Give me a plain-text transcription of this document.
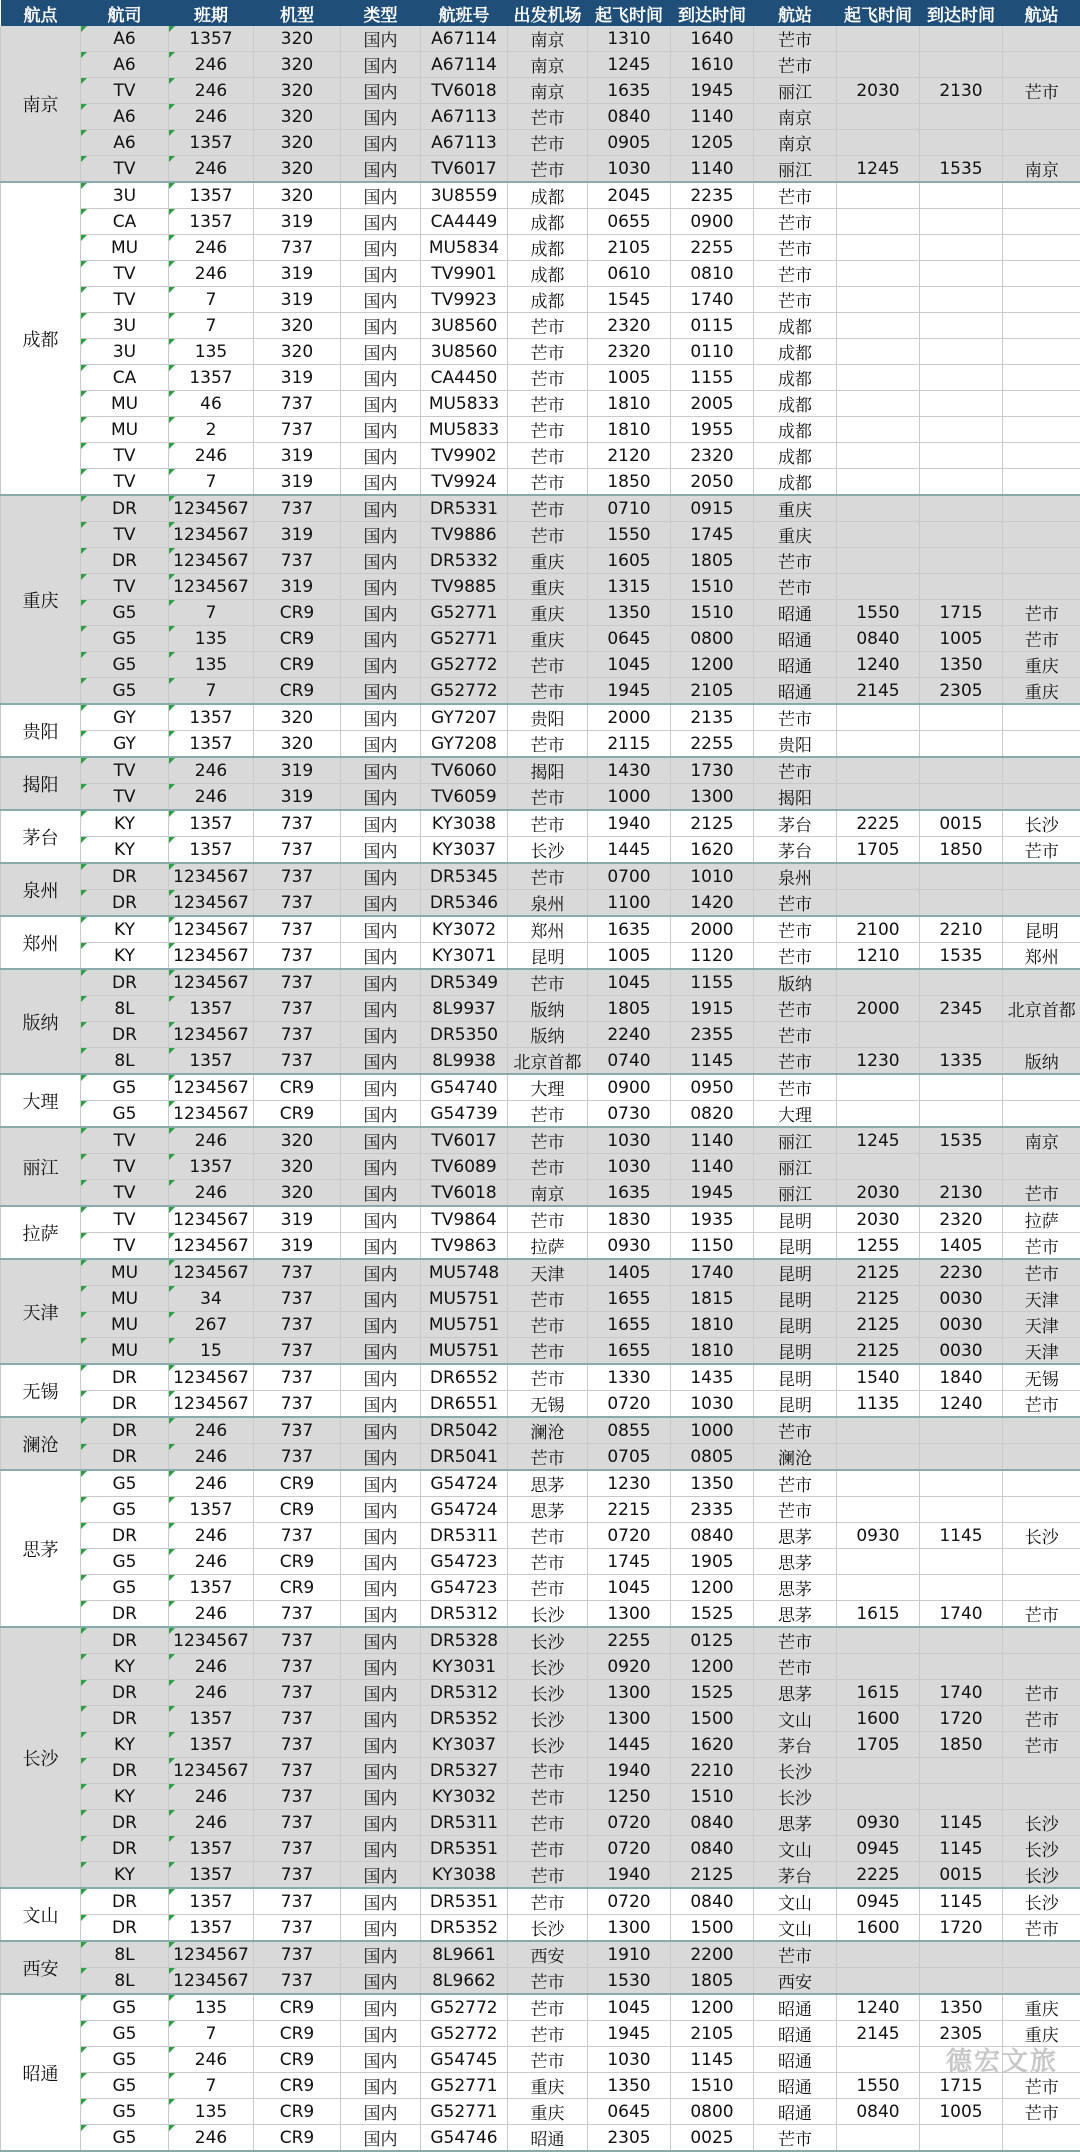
航点	航司	班期	机型	类型	航班号	出发机场	起飞时间	到达时间	航站	起飞时间	到达时间	航站
南京	A6	1357	320	国内	A67114	南京	1310	1640	芒市			
	A6	246	320	国内	A67114	南京	1245	1610	芒市			
	TV	246	320	国内	TV6018	南京	1635	1945	丽江	2030	2130	芒市
	A6	246	320	国内	A67113	芒市	0840	1140	南京			
	A6	1357	320	国内	A67113	芒市	0905	1205	南京			
	TV	246	320	国内	TV6017	芒市	1030	1140	丽江	1245	1535	南京
成都	3U	1357	320	国内	3U8559	成都	2045	2235	芒市			
	CA	1357	319	国内	CA4449	成都	0655	0900	芒市			
	MU	246	737	国内	MU5834	成都	2105	2255	芒市			
	TV	246	319	国内	TV9901	成都	0610	0810	芒市			
	TV	7	319	国内	TV9923	成都	1545	1740	芒市			
	3U	7	320	国内	3U8560	芒市	2320	0115	成都			
	3U	135	320	国内	3U8560	芒市	2320	0110	成都			
	CA	1357	319	国内	CA4450	芒市	1005	1155	成都			
	MU	46	737	国内	MU5833	芒市	1810	2005	成都			
	MU	2	737	国内	MU5833	芒市	1810	1955	成都			
	TV	246	319	国内	TV9902	芒市	2120	2320	成都			
	TV	7	319	国内	TV9924	芒市	1850	2050	成都			
重庆	DR	1234567	737	国内	DR5331	芒市	0710	0915	重庆			
	TV	1234567	319	国内	TV9886	芒市	1550	1745	重庆			
	DR	1234567	737	国内	DR5332	重庆	1605	1805	芒市			
	TV	1234567	319	国内	TV9885	重庆	1315	1510	芒市			
	G5	7	CR9	国内	G52771	重庆	1350	1510	昭通	1550	1715	芒市
	G5	135	CR9	国内	G52771	重庆	0645	0800	昭通	0840	1005	芒市
	G5	135	CR9	国内	G52772	芒市	1045	1200	昭通	1240	1350	重庆
	G5	7	CR9	国内	G52772	芒市	1945	2105	昭通	2145	2305	重庆
贵阳	GY	1357	320	国内	GY7207	贵阳	2000	2135	芒市			
	GY	1357	320	国内	GY7208	芒市	2115	2255	贵阳			
揭阳	TV	246	319	国内	TV6060	揭阳	1430	1730	芒市			
	TV	246	319	国内	TV6059	芒市	1000	1300	揭阳			
茅台	KY	1357	737	国内	KY3038	芒市	1940	2125	茅台	2225	0015	长沙
	KY	1357	737	国内	KY3037	长沙	1445	1620	茅台	1705	1850	芒市
泉州	DR	1234567	737	国内	DR5345	芒市	0700	1010	泉州			
	DR	1234567	737	国内	DR5346	泉州	1100	1420	芒市			
郑州	KY	1234567	737	国内	KY3072	郑州	1635	2000	芒市	2100	2210	昆明
	KY	1234567	737	国内	KY3071	昆明	1005	1120	芒市	1210	1535	郑州
版纳	DR	1234567	737	国内	DR5349	芒市	1045	1155	版纳			
	8L	1357	737	国内	8L9937	版纳	1805	1915	芒市	2000	2345	北京首都
	DR	1234567	737	国内	DR5350	版纳	2240	2355	芒市			
	8L	1357	737	国内	8L9938	北京首都	0740	1145	芒市	1230	1335	版纳
大理	G5	1234567	CR9	国内	G54740	大理	0900	0950	芒市			
	G5	1234567	CR9	国内	G54739	芒市	0730	0820	大理			
丽江	TV	246	320	国内	TV6017	芒市	1030	1140	丽江	1245	1535	南京
	TV	1357	320	国内	TV6089	芒市	1030	1140	丽江			
	TV	246	320	国内	TV6018	南京	1635	1945	丽江	2030	2130	芒市
拉萨	TV	1234567	319	国内	TV9864	芒市	1830	1935	昆明	2030	2320	拉萨
	TV	1234567	319	国内	TV9863	拉萨	0930	1150	昆明	1255	1405	芒市
天津	MU	1234567	737	国内	MU5748	天津	1405	1740	昆明	2125	2230	芒市
	MU	34	737	国内	MU5751	芒市	1655	1815	昆明	2125	0030	天津
	MU	267	737	国内	MU5751	芒市	1655	1810	昆明	2125	0030	天津
	MU	15	737	国内	MU5751	芒市	1655	1810	昆明	2125	0030	天津
无锡	DR	1234567	737	国内	DR6552	芒市	1330	1435	昆明	1540	1840	无锡
	DR	1234567	737	国内	DR6551	无锡	0720	1030	昆明	1135	1240	芒市
澜沧	DR	246	737	国内	DR5042	澜沧	0855	1000	芒市			
	DR	246	737	国内	DR5041	芒市	0705	0805	澜沧			
思茅	G5	246	CR9	国内	G54724	思茅	1230	1350	芒市			
	G5	1357	CR9	国内	G54724	思茅	2215	2335	芒市			
	DR	246	737	国内	DR5311	芒市	0720	0840	思茅	0930	1145	长沙
	G5	246	CR9	国内	G54723	芒市	1745	1905	思茅			
	G5	1357	CR9	国内	G54723	芒市	1045	1200	思茅			
	DR	246	737	国内	DR5312	长沙	1300	1525	思茅	1615	1740	芒市
长沙	DR	1234567	737	国内	DR5328	长沙	2255	0125	芒市			
	KY	246	737	国内	KY3031	长沙	0920	1200	芒市			
	DR	246	737	国内	DR5312	长沙	1300	1525	思茅	1615	1740	芒市
	DR	1357	737	国内	DR5352	长沙	1300	1500	文山	1600	1720	芒市
	KY	1357	737	国内	KY3037	长沙	1445	1620	茅台	1705	1850	芒市
	DR	1234567	737	国内	DR5327	芒市	1940	2210	长沙			
	KY	246	737	国内	KY3032	芒市	1250	1510	长沙			
	DR	246	737	国内	DR5311	芒市	0720	0840	思茅	0930	1145	长沙
	DR	1357	737	国内	DR5351	芒市	0720	0840	文山	0945	1145	长沙
	KY	1357	737	国内	KY3038	芒市	1940	2125	茅台	2225	0015	长沙
文山	DR	1357	737	国内	DR5351	芒市	0720	0840	文山	0945	1145	长沙
	DR	1357	737	国内	DR5352	长沙	1300	1500	文山	1600	1720	芒市
西安	8L	1234567	737	国内	8L9661	西安	1910	2200	芒市			
	8L	1234567	737	国内	8L9662	芒市	1530	1805	西安			
昭通	G5	135	CR9	国内	G52772	芒市	1045	1200	昭通	1240	1350	重庆
	G5	7	CR9	国内	G52772	芒市	1945	2105	昭通	2145	2305	重庆
	G5	246	CR9	国内	G54745	芒市	1030	1145	昭通			
	G5	7	CR9	国内	G52771	重庆	1350	1510	昭通	1550	1715	芒市
	G5	135	CR9	国内	G52771	重庆	0645	0800	昭通	0840	1005	芒市
	G5	246	CR9	国内	G54746	昭通	2305	0025	芒市			
德宏文旅
